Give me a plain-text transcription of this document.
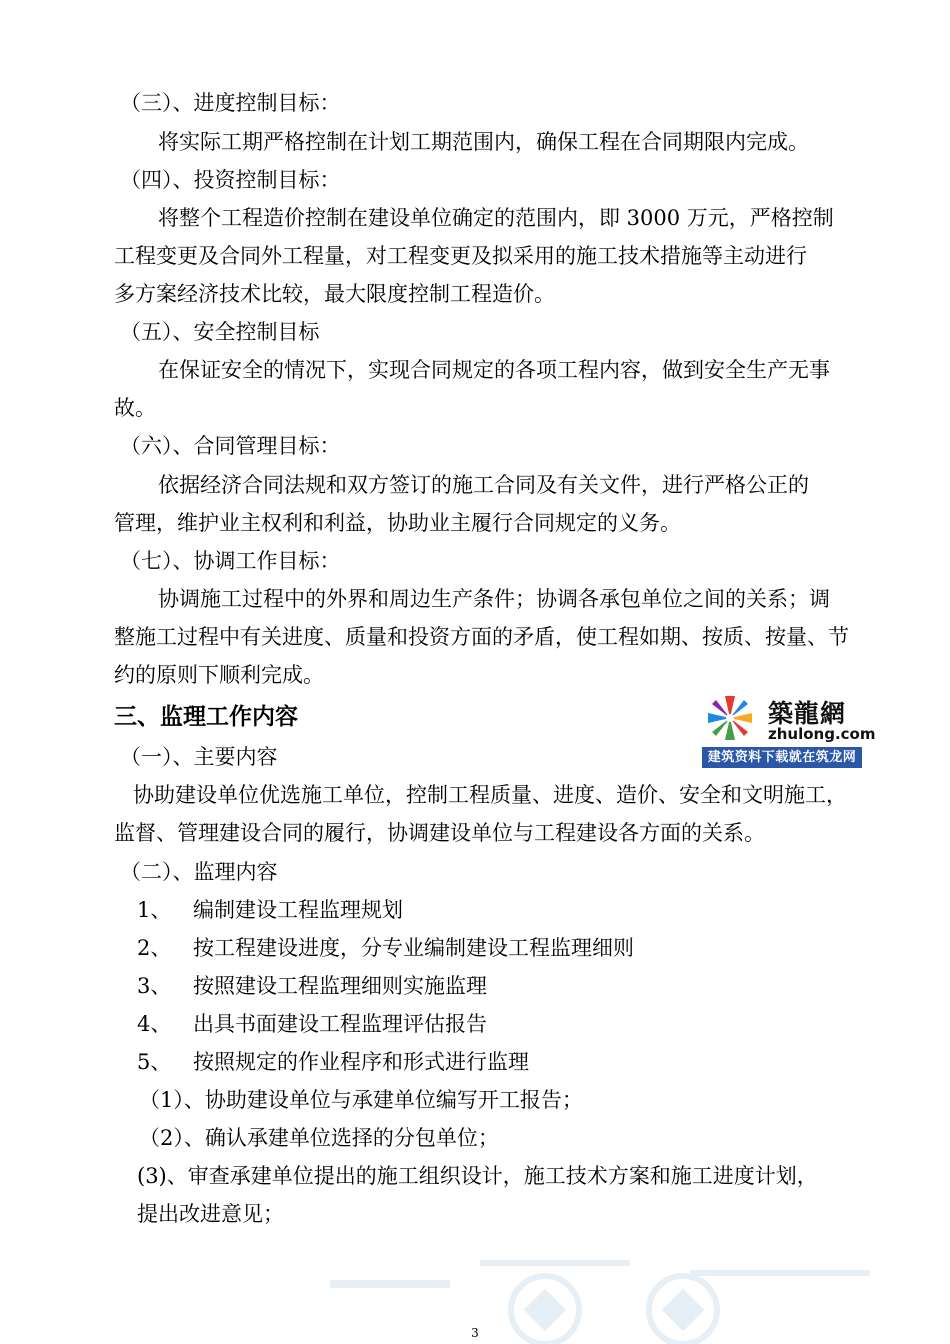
（三）、进度控制目标：
将实际工期严格控制在计划工期范围内，确保工程在合同期限内完成。
（四）、投资控制目标：
将整个工程造价控制在建设单位确定的范围内，即 3000 万元，严格控制
工程变更及合同外工程量，对工程变更及拟采用的施工技术措施等主动进行
多方案经济技术比较，最大限度控制工程造价。
（五）、安全控制目标
在保证安全的情况下，实现合同规定的各项工程内容，做到安全生产无事
故。
（六）、合同管理目标：
依据经济合同法规和双方签订的施工合同及有关文件，进行严格公正的
管理，维护业主权利和利益，协助业主履行合同规定的义务。
（七）、协调工作目标：
协调施工过程中的外界和周边生产条件；协调各承包单位之间的关系；调
整施工过程中有关进度、质量和投资方面的矛盾，使工程如期、按质、按量、节
约的原则下顺利完成。
三、监理工作内容
（一）、主要内容
协助建设单位优选施工单位，控制工程质量、进度、造价、安全和文明施工，
监督、管理建设合同的履行，协调建设单位与工程建设各方面的关系。
（二）、监理内容
1、 编制建设工程监理规划
2、 按工程建设进度，分专业编制建设工程监理细则
3、 按照建设工程监理细则实施监理
4、 出具书面建设工程监理评估报告
5、 按照规定的作业程序和形式进行监理
（1）、协助建设单位与承建单位编写开工报告；
（2）、确认承建单位选择的分包单位；
(3)、审查承建单位提出的施工组织设计，施工技术方案和施工进度计划，
提出改进意见；
築龍網
zhulong.com
建筑资料下载就在筑龙网
3
